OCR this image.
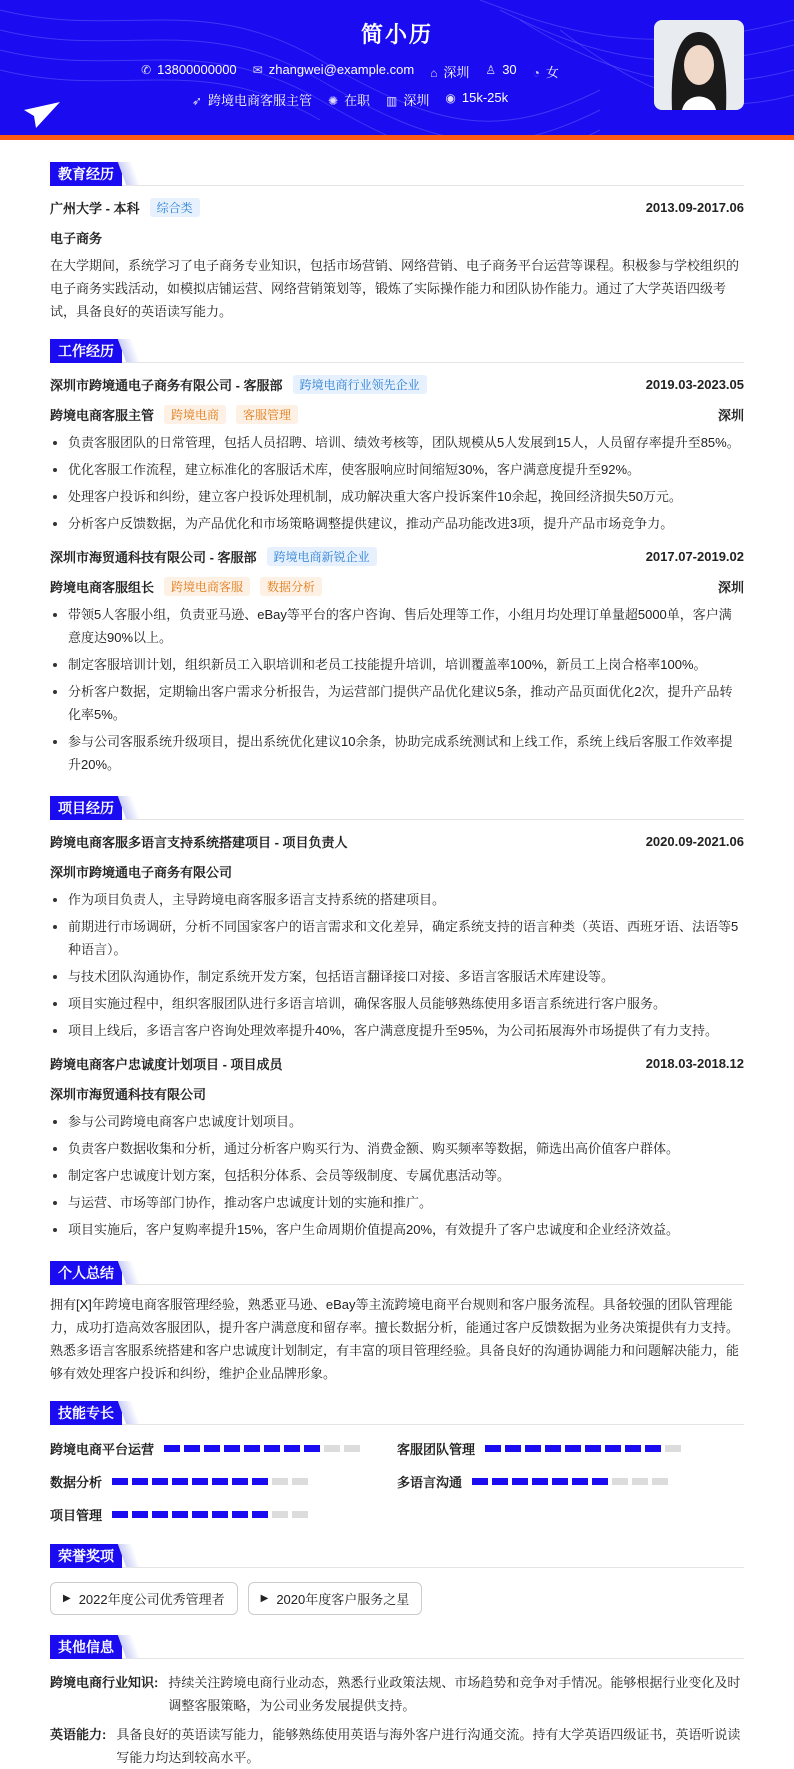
简小历
✆ 13800000000 ✉ zhangwei@example.com ⌂ 深圳 ♙ 30 ◔ 女
➶ 跨境电商客服主管 ✺ 在职 ▥ 深圳 ◉ 15k-25k
教育经历
广州大学 - 本科	综合类	2013.09-2017.06
电子商务

在大学期间，系统学习了电子商务专业知识，包括市场营销、网络营销、电子商务平台运营等课程。积极参与学校组织的电子商务实践活动，如模拟店铺运营、网络营销策划等，锻炼了实际操作能力和团队协作能力。通过了大学英语四级考试，具备良好的英语读写能力。

工作经历
深圳市跨境通电子商务有限公司 - 客服部	跨境电商行业领先企业	2019.03-2023.05
跨境电商客服主管	跨境电商	客服管理	深圳
负责客服团队的日常管理，包括人员招聘、培训、绩效考核等，团队规模从5人发展到15人，人员留存率提升至85%。
优化客服工作流程，建立标准化的客服话术库，使客服响应时间缩短30%，客户满意度提升至92%。
处理客户投诉和纠纷，建立客户投诉处理机制，成功解决重大客户投诉案件10余起，挽回经济损失50万元。
分析客户反馈数据，为产品优化和市场策略调整提供建议，推动产品功能改进3项，提升产品市场竞争力。
深圳市海贸通科技有限公司 - 客服部	跨境电商新锐企业	2017.07-2019.02
跨境电商客服组长	跨境电商客服	数据分析	深圳
带领5人客服小组，负责亚马逊、eBay等平台的客户咨询、售后处理等工作，小组月均处理订单量超5000单，客户满意度达90%以上。
制定客服培训计划，组织新员工入职培训和老员工技能提升培训，培训覆盖率100%，新员工上岗合格率100%。
分析客户数据，定期输出客户需求分析报告，为运营部门提供产品优化建议5条，推动产品页面优化2次，提升产品转化率5%。
参与公司客服系统升级项目，提出系统优化建议10余条，协助完成系统测试和上线工作，系统上线后客服工作效率提升20%。
项目经历
跨境电商客服多语言支持系统搭建项目 - 项目负责人	2020.09-2021.06
深圳市跨境通电子商务有限公司
作为项目负责人，主导跨境电商客服多语言支持系统的搭建项目。
前期进行市场调研，分析不同国家客户的语言需求和文化差异，确定系统支持的语言种类（英语、西班牙语、法语等5种语言）。
与技术团队沟通协作，制定系统开发方案，包括语言翻译接口对接、多语言客服话术库建设等。
项目实施过程中，组织客服团队进行多语言培训，确保客服人员能够熟练使用多语言系统进行客户服务。
项目上线后，多语言客户咨询处理效率提升40%，客户满意度提升至95%，为公司拓展海外市场提供了有力支持。
跨境电商客户忠诚度计划项目 - 项目成员	2018.03-2018.12
深圳市海贸通科技有限公司
参与公司跨境电商客户忠诚度计划项目。
负责客户数据收集和分析，通过分析客户购买行为、消费金额、购买频率等数据，筛选出高价值客户群体。
制定客户忠诚度计划方案，包括积分体系、会员等级制度、专属优惠活动等。
与运营、市场等部门协作，推动客户忠诚度计划的实施和推广。
项目实施后，客户复购率提升15%，客户生命周期价值提高20%，有效提升了客户忠诚度和企业经济效益。
个人总结

拥有[X]年跨境电商客服管理经验，熟悉亚马逊、eBay等主流跨境电商平台规则和客户服务流程。具备较强的团队管理能力，成功打造高效客服团队，提升客户满意度和留存率。擅长数据分析，能通过客户反馈数据为业务决策提供有力支持。熟悉多语言客服系统搭建和客户忠诚度计划制定，有丰富的项目管理经验。具备良好的沟通协调能力和问题解决能力，能够有效处理客户投诉和纠纷，维护企业品牌形象。

技能专长
跨境电商平台运营	客服团队管理
数据分析	多语言沟通
项目管理
荣誉奖项
▶ 2022年度公司优秀管理者	▶ 2020年度客户服务之星
其他信息
跨境电商行业知识: 持续关注跨境电商行业动态，熟悉行业政策法规、市场趋势和竞争对手情况。能够根据行业变化及时调整客服策略，为公司业务发展提供支持。
英语能力: 具备良好的英语读写能力，能够熟练使用英语与海外客户进行沟通交流。持有大学英语四级证书，英语听说读写能力均达到较高水平。
